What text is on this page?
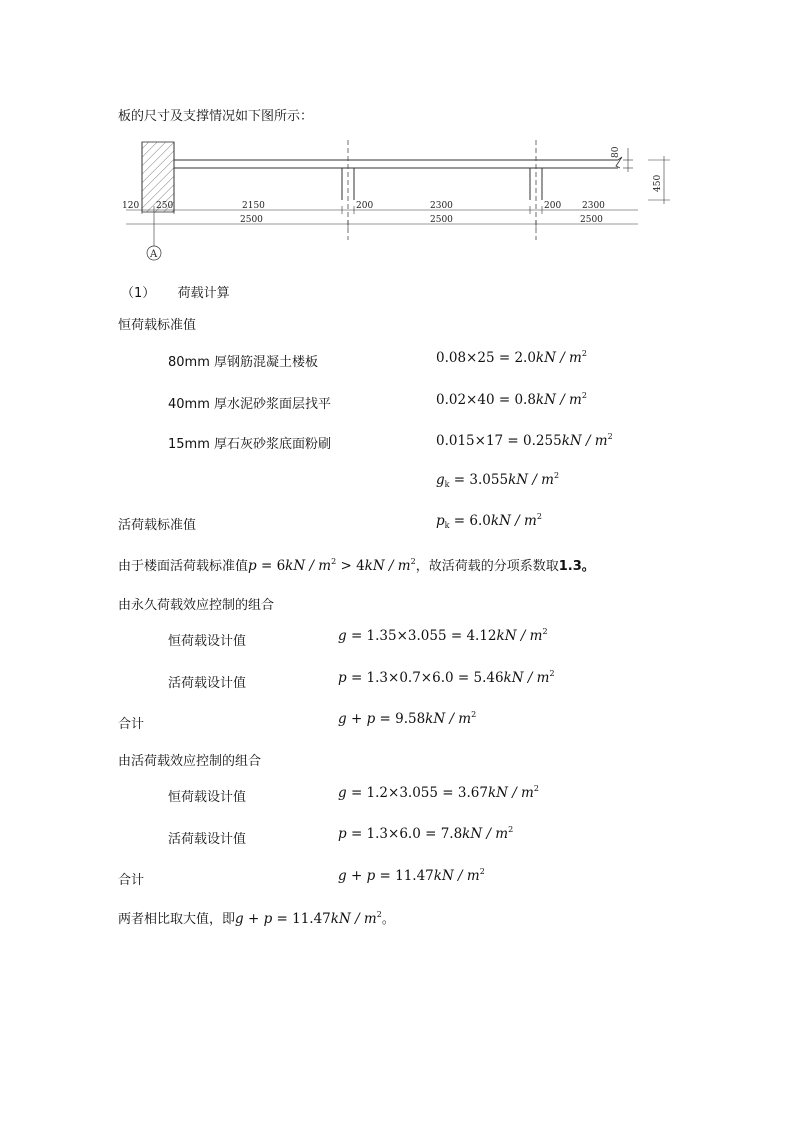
板的尺寸及支撑情况如下图所示：
80
450
120 250	2150	200	2300	200 2300
2500	2500	2500
A
（1） 荷载计算
恒荷载标准值
80mm 厚钢筋混凝土楼板	$0.08\times 25 = 2.0kN / m^2$
40mm 厚水泥砂浆面层找平	$0.02\times 40 = 0.8kN / m^2$
15mm 厚石灰砂浆底面粉刷	$0.015\times 17 = 0.255kN / m^2$
$g_k = 3.055kN / m^2$
活荷载标准值	$p_k = 6.0kN / m^2$
由于楼面活荷载标准值$p = 6kN / m^2 > 4kN / m^2$，故活荷载的分项系数取1.3。
由永久荷载效应控制的组合
恒荷载设计值	$g = 1.35\times 3.055 = 4.12kN / m^2$
活荷载设计值	$p = 1.3\times 0.7\times 6.0 = 5.46kN / m^2$
合计	$g + p = 9.58kN / m^2$
由活荷载效应控制的组合
恒荷载设计值	$g = 1.2\times 3.055 = 3.67kN / m^2$
活荷载设计值	$p = 1.3\times 6.0 = 7.8kN / m^2$
合计	$g + p = 11.47kN / m^2$
两者相比取大值，即$g + p = 11.47kN / m^2$。
